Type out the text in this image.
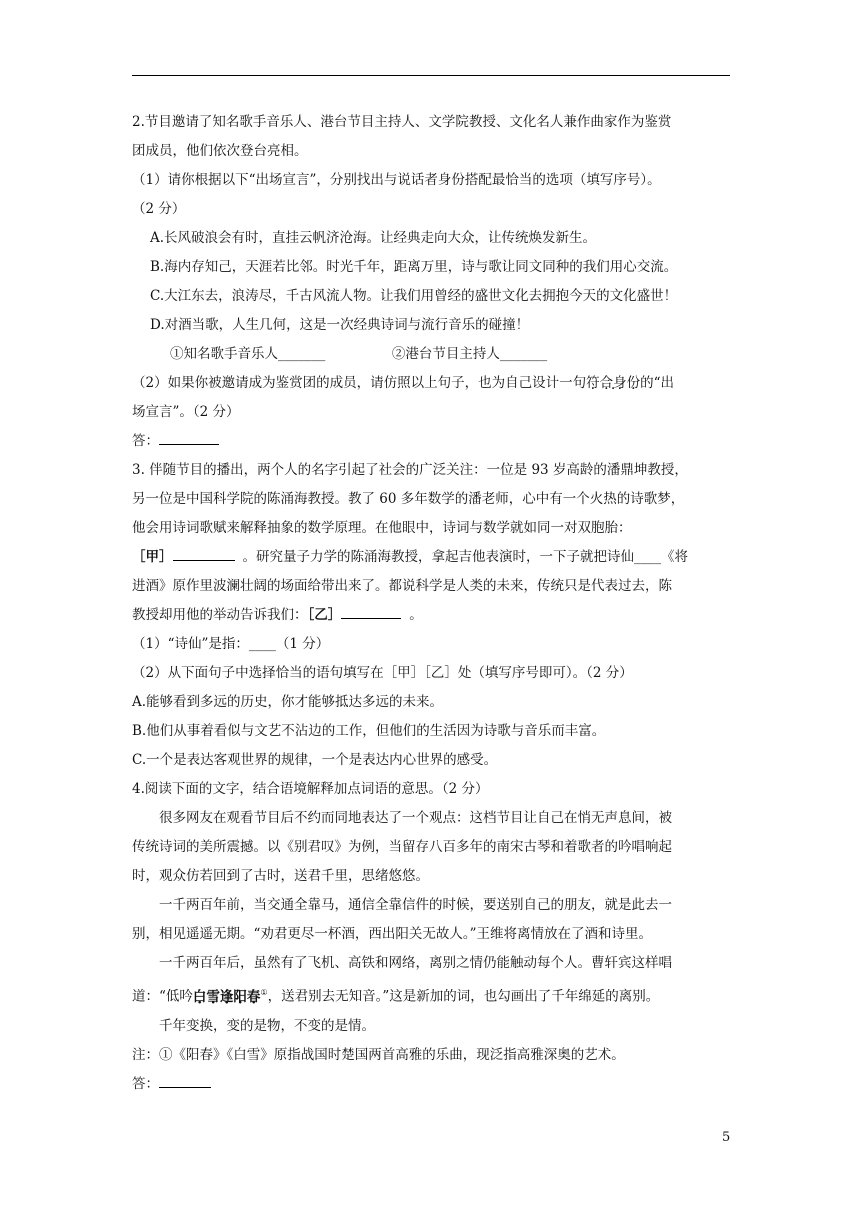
2.节目邀请了知名歌手音乐人、港台节目主持人、文学院教授、文化名人兼作曲家作为鉴赏

团成员，他们依次登台亮相。

（1）请你根据以下“出场宣言”，分别找出与说话者身份搭配最恰当的选项（填写序号）。

（2 分）

A.长风破浪会有时，直挂云帆济沧海。让经典走向大众，让传统焕发新生。

B.海内存知己，天涯若比邻。时光千年，距离万里，诗与歌让同文同种的我们用心交流。

C.大江东去，浪涛尽，千古风流人物。让我们用曾经的盛世文化去拥抱今天的文化盛世！

D.对酒当歌，人生几何，这是一次经典诗词与流行音乐的碰撞！

①知名歌手音乐人_______	②港台节目主持人_______

（2）如果你被邀请成为鉴赏团的成员，请仿照以上句子，也为自己设计一句符合身份的“出

场宣言”。（2 分）

答：

3. 伴随节目的播出，两个人的名字引起了社会的广泛关注：一位是 93 岁高龄的潘鼎坤教授，

另一位是中国科学院的陈涌海教授。教了 60 多年数学的潘老师，心中有一个火热的诗歌梦，

他会用诗词歌赋来解释抽象的数学原理。在他眼中，诗词与数学就如同一对双胞胎：

［甲］	。研究量子力学的陈涌海教授，拿起吉他表演时，一下子就把诗仙____《将

进酒》原作里波澜壮阔的场面给带出来了。都说科学是人类的未来，传统只是代表过去，陈

教授却用他的举动告诉我们：［乙］	。

（1）“诗仙”是指：____（1 分）

（2）从下面句子中选择恰当的语句填写在［甲］［乙］处（填写序号即可）。（2 分）

A.能够看到多远的历史，你才能够抵达多远的未来。

B.他们从事着看似与文艺不沾边的工作，但他们的生活因为诗歌与音乐而丰富。

C.一个是表达客观世界的规律，一个是表达内心世界的感受。

4.阅读下面的文字，结合语境解释加点词语的意思。（2 分）

很多网友在观看节目后不约而同地表达了一个观点：这档节目让自己在悄无声息间，被

传统诗词的美所震撼。以《别君叹》为例，当留存八百多年的南宋古琴和着歌者的吟唱响起

时，观众仿若回到了古时，送君千里，思绪悠悠。

一千两百年前，当交通全靠马，通信全靠信件的时候，要送别自己的朋友，就是此去一

别，相见遥遥无期。“劝君更尽一杯酒，西出阳关无故人。”王维将离情放在了酒和诗里。

一千两百年后，虽然有了飞机、高铁和网络，离别之情仍能触动每个人。曹轩宾这样唱

道：“低吟白雪逢阳春 ·①，送君别去无知音。”这是新加的词，也勾画出了千年绵延的离别。

千年变换，变的是物，不变的是情。

注：①《阳春》《白雪》原指战国时楚国两首高雅的乐曲，现泛指高雅深奥的艺术。

答：

5
